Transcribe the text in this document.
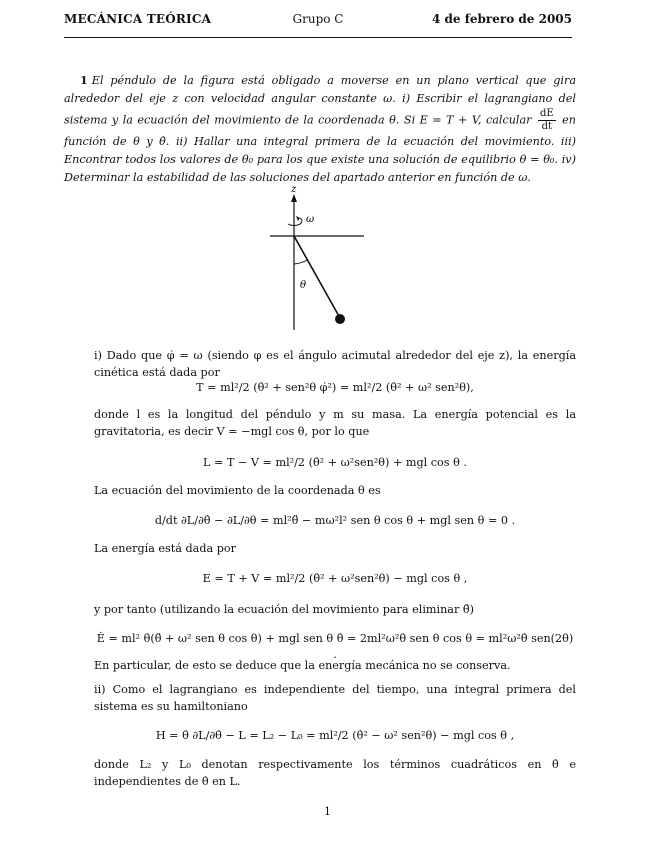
MECÁNICA TEÓRICA	Grupo C	4 de febrero de 2005
1 El péndulo de la figura está obligado a moverse en un plano vertical que gira alrededor del eje z con velocidad angular constante ω. i) Escribir el lagrangiano del sistema y la ecuación del movimiento de la coordenada θ. Si E = T + V, calcular $\frac{dE}{dt}$ en función de θ y θ̇. ii) Hallar una integral primera de la ecuación del movimiento. iii) Encontrar todos los valores de θ₀ para los que existe una solución de equilibrio θ = θ₀. iv) Determinar la estabilidad de las soluciones del apartado anterior en función de ω.
z
ω
θ
i) Dado que φ̇ = ω (siendo φ es el ángulo acimutal alrededor del eje z), la energía cinética está dada por
T = ml²/2 (θ̇² + sen²θ φ̇²) = ml²/2 (θ̇² + ω² sen²θ),
donde l es la longitud del péndulo y m su masa. La energía potencial es la gravitatoria, es decir V = −mgl cos θ, por lo que
L = T − V = ml²/2 (θ̇² + ω²sen²θ) + mgl cos θ .
La ecuación del movimiento de la coordenada θ es
d/dt ∂L/∂θ̇ − ∂L/∂θ = ml²θ̈ − mω²l² sen θ cos θ + mgl sen θ = 0 .
La energía está dada por
E = T + V = ml²/2 (θ̇² + ω²sen²θ) − mgl cos θ ,
y por tanto (utilizando la ecuación del movimiento para eliminar θ̈)
Ė = ml² θ̇(θ̈ + ω² sen θ cos θ) + mgl sen θ θ̇ = 2ml²ω²θ̇ sen θ cos θ = ml²ω²θ̇ sen(2θ) .
En particular, de esto se deduce que la energía mecánica no se conserva.
ii) Como el lagrangiano es independiente del tiempo, una integral primera del sistema es su hamiltoniano
H = θ̇ ∂L/∂θ̇ − L = L₂ − L₀ = ml²/2 (θ̇² − ω² sen²θ) − mgl cos θ ,
donde L₂ y L₀ denotan respectivamente los términos cuadráticos en θ̇ e independientes de θ̇ en L.
1
